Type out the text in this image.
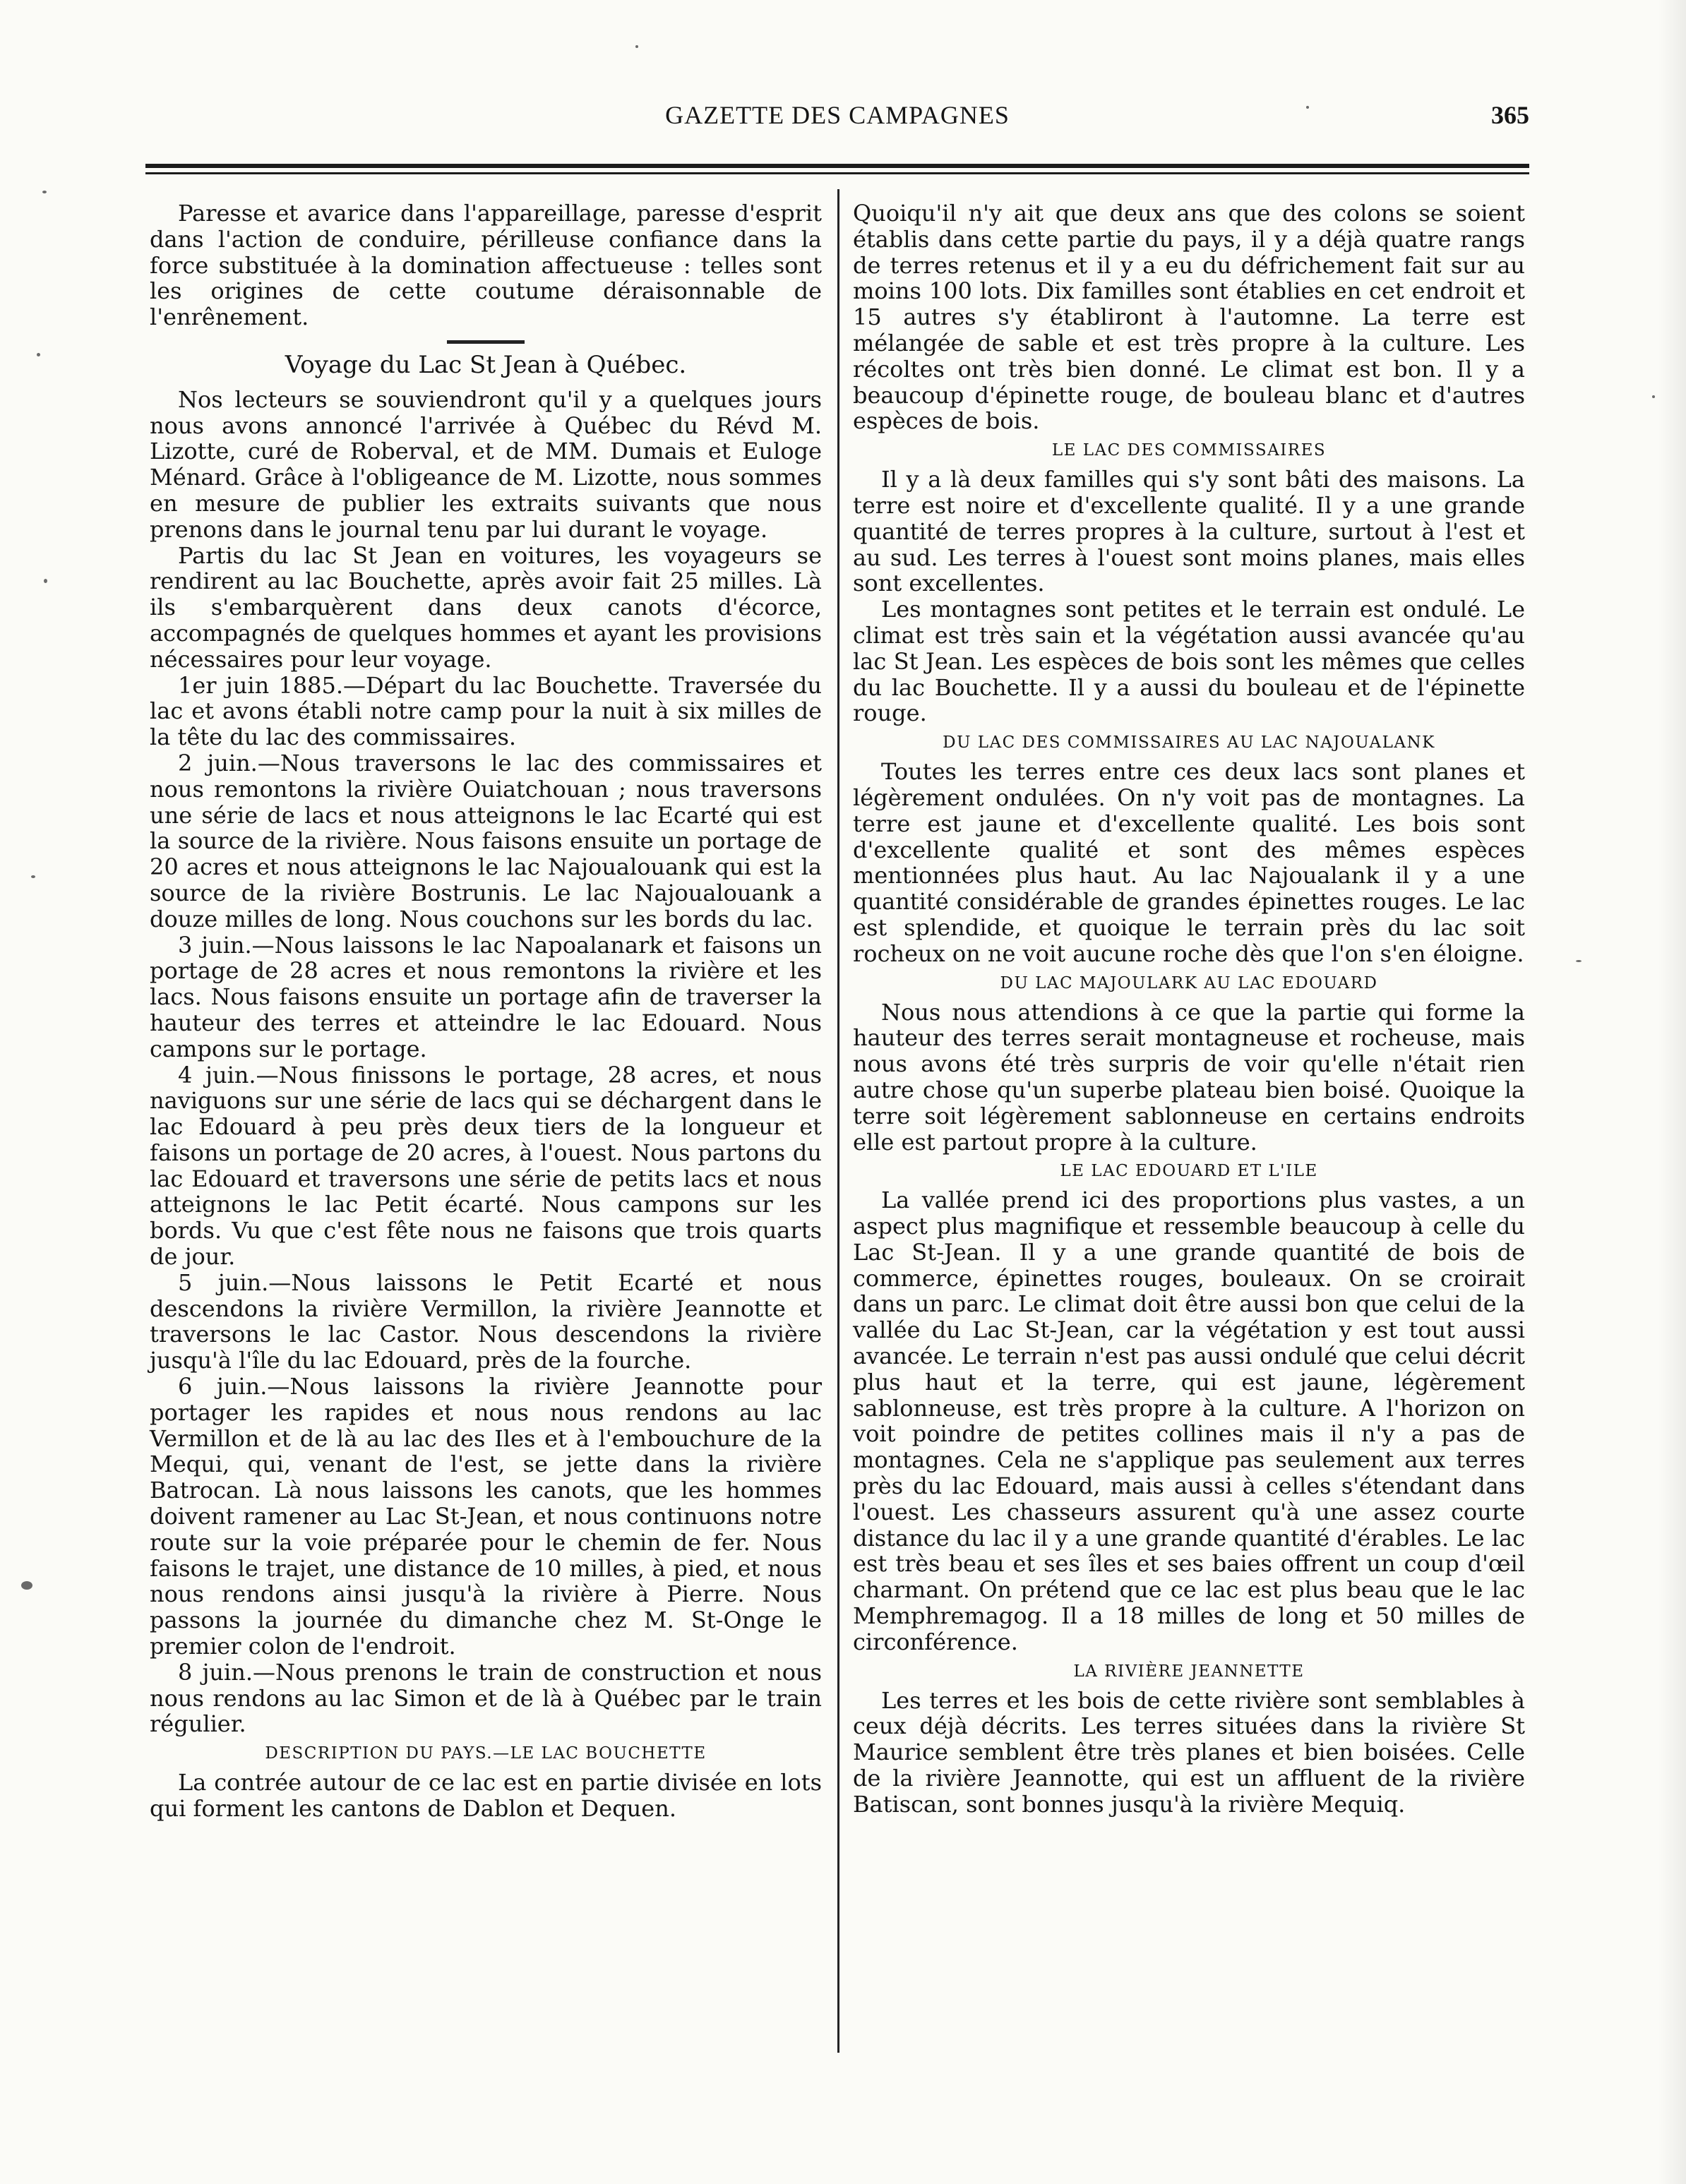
GAZETTE DES CAMPAGNES	365

Paresse et avarice dans l'appareillage, paresse d'esprit dans l'action de conduire, périlleuse confiance dans la force substituée à la domination affectueuse : telles sont les origines de cette coutume déraisonnable de l'enrênement.

Voyage du Lac St Jean à Québec.

Nos lecteurs se souviendront qu'il y a quelques jours nous avons annoncé l'arrivée à Québec du Révd M. Lizotte, curé de Roberval, et de MM. Dumais et Euloge Ménard. Grâce à l'obligeance de M. Lizotte, nous sommes en mesure de publier les extraits suivants que nous prenons dans le journal tenu par lui durant le voyage.

Partis du lac St Jean en voitures, les voyageurs se rendirent au lac Bouchette, après avoir fait 25 milles. Là ils s'embarquèrent dans deux canots d'écorce, accompagnés de quelques hommes et ayant les provisions nécessaires pour leur voyage.

1er juin 1885.—Départ du lac Bouchette. Traversée du lac et avons établi notre camp pour la nuit à six milles de la tête du lac des commissaires.

2 juin.—Nous traversons le lac des commissaires et nous remontons la rivière Ouiatchouan ; nous traversons une série de lacs et nous atteignons le lac Ecarté qui est la source de la rivière. Nous faisons ensuite un portage de 20 acres et nous atteignons le lac Najoualouank qui est la source de la rivière Bostrunis. Le lac Najoualouank a douze milles de long. Nous couchons sur les bords du lac.

3 juin.—Nous laissons le lac Napoalanark et faisons un portage de 28 acres et nous remontons la rivière et les lacs. Nous faisons ensuite un portage afin de traverser la hauteur des terres et atteindre le lac Edouard. Nous campons sur le portage.

4 juin.—Nous finissons le portage, 28 acres, et nous naviguons sur une série de lacs qui se déchargent dans le lac Edouard à peu près deux tiers de la longueur et faisons un portage de 20 acres, à l'ouest. Nous partons du lac Edouard et traversons une série de petits lacs et nous atteignons le lac Petit écarté. Nous campons sur les bords. Vu que c'est fête nous ne faisons que trois quarts de jour.

5 juin.—Nous laissons le Petit Ecarté et nous descendons la rivière Vermillon, la rivière Jeannotte et traversons le lac Castor. Nous descendons la rivière jusqu'à l'île du lac Edouard, près de la fourche.

6 juin.—Nous laissons la rivière Jeannotte pour portager les rapides et nous nous rendons au lac Vermillon et de là au lac des Iles et à l'embouchure de la Mequi, qui, venant de l'est, se jette dans la rivière Batrocan. Là nous laissons les canots, que les hommes doivent ramener au Lac St-Jean, et nous continuons notre route sur la voie préparée pour le chemin de fer. Nous faisons le trajet, une distance de 10 milles, à pied, et nous nous rendons ainsi jusqu'à la rivière à Pierre. Nous passons la journée du dimanche chez M. St-Onge le premier colon de l'endroit.

8 juin.—Nous prenons le train de construction et nous nous rendons au lac Simon et de là à Québec par le train régulier.

DESCRIPTION DU PAYS.—LE LAC BOUCHETTE

La contrée autour de ce lac est en partie divisée en lots qui forment les cantons de Dablon et Dequen.

Quoiqu'il n'y ait que deux ans que des colons se soient établis dans cette partie du pays, il y a déjà quatre rangs de terres retenus et il y a eu du défrichement fait sur au moins 100 lots. Dix familles sont établies en cet endroit et 15 autres s'y établiront à l'automne. La terre est mélangée de sable et est très propre à la culture. Les récoltes ont très bien donné. Le climat est bon. Il y a beaucoup d'épinette rouge, de bouleau blanc et d'autres espèces de bois.

LE LAC DES COMMISSAIRES

Il y a là deux familles qui s'y sont bâti des maisons. La terre est noire et d'excellente qualité. Il y a une grande quantité de terres propres à la culture, surtout à l'est et au sud. Les terres à l'ouest sont moins planes, mais elles sont excellentes.

Les montagnes sont petites et le terrain est ondulé. Le climat est très sain et la végétation aussi avancée qu'au lac St Jean. Les espèces de bois sont les mêmes que celles du lac Bouchette. Il y a aussi du bouleau et de l'épinette rouge.

DU LAC DES COMMISSAIRES AU LAC NAJOUALANK

Toutes les terres entre ces deux lacs sont planes et légèrement ondulées. On n'y voit pas de montagnes. La terre est jaune et d'excellente qualité. Les bois sont d'excellente qualité et sont des mêmes espèces mentionnées plus haut. Au lac Najoualank il y a une quantité considérable de grandes épinettes rouges. Le lac est splendide, et quoique le terrain près du lac soit rocheux on ne voit aucune roche dès que l'on s'en éloigne.

DU LAC MAJOULARK AU LAC EDOUARD

Nous nous attendions à ce que la partie qui forme la hauteur des terres serait montagneuse et rocheuse, mais nous avons été très surpris de voir qu'elle n'était rien autre chose qu'un superbe plateau bien boisé. Quoique la terre soit légèrement sablonneuse en certains endroits elle est partout propre à la culture.

LE LAC EDOUARD ET L'ILE

La vallée prend ici des proportions plus vastes, a un aspect plus magnifique et ressemble beaucoup à celle du Lac St-Jean. Il y a une grande quantité de bois de commerce, épinettes rouges, bouleaux. On se croirait dans un parc. Le climat doit être aussi bon que celui de la vallée du Lac St-Jean, car la végétation y est tout aussi avancée. Le terrain n'est pas aussi ondulé que celui décrit plus haut et la terre, qui est jaune, légèrement sablonneuse, est très propre à la culture. A l'horizon on voit poindre de petites collines mais il n'y a pas de montagnes. Cela ne s'applique pas seulement aux terres près du lac Edouard, mais aussi à celles s'étendant dans l'ouest. Les chasseurs assurent qu'à une assez courte distance du lac il y a une grande quantité d'érables. Le lac est très beau et ses îles et ses baies offrent un coup d'œil charmant. On prétend que ce lac est plus beau que le lac Memphremagog. Il a 18 milles de long et 50 milles de circonférence.

LA RIVIÈRE JEANNETTE

Les terres et les bois de cette rivière sont semblables à ceux déjà décrits. Les terres situées dans la rivière St Maurice semblent être très planes et bien boisées. Celle de la rivière Jeannotte, qui est un affluent de la rivière Batiscan, sont bonnes jusqu'à la rivière Mequiq.
